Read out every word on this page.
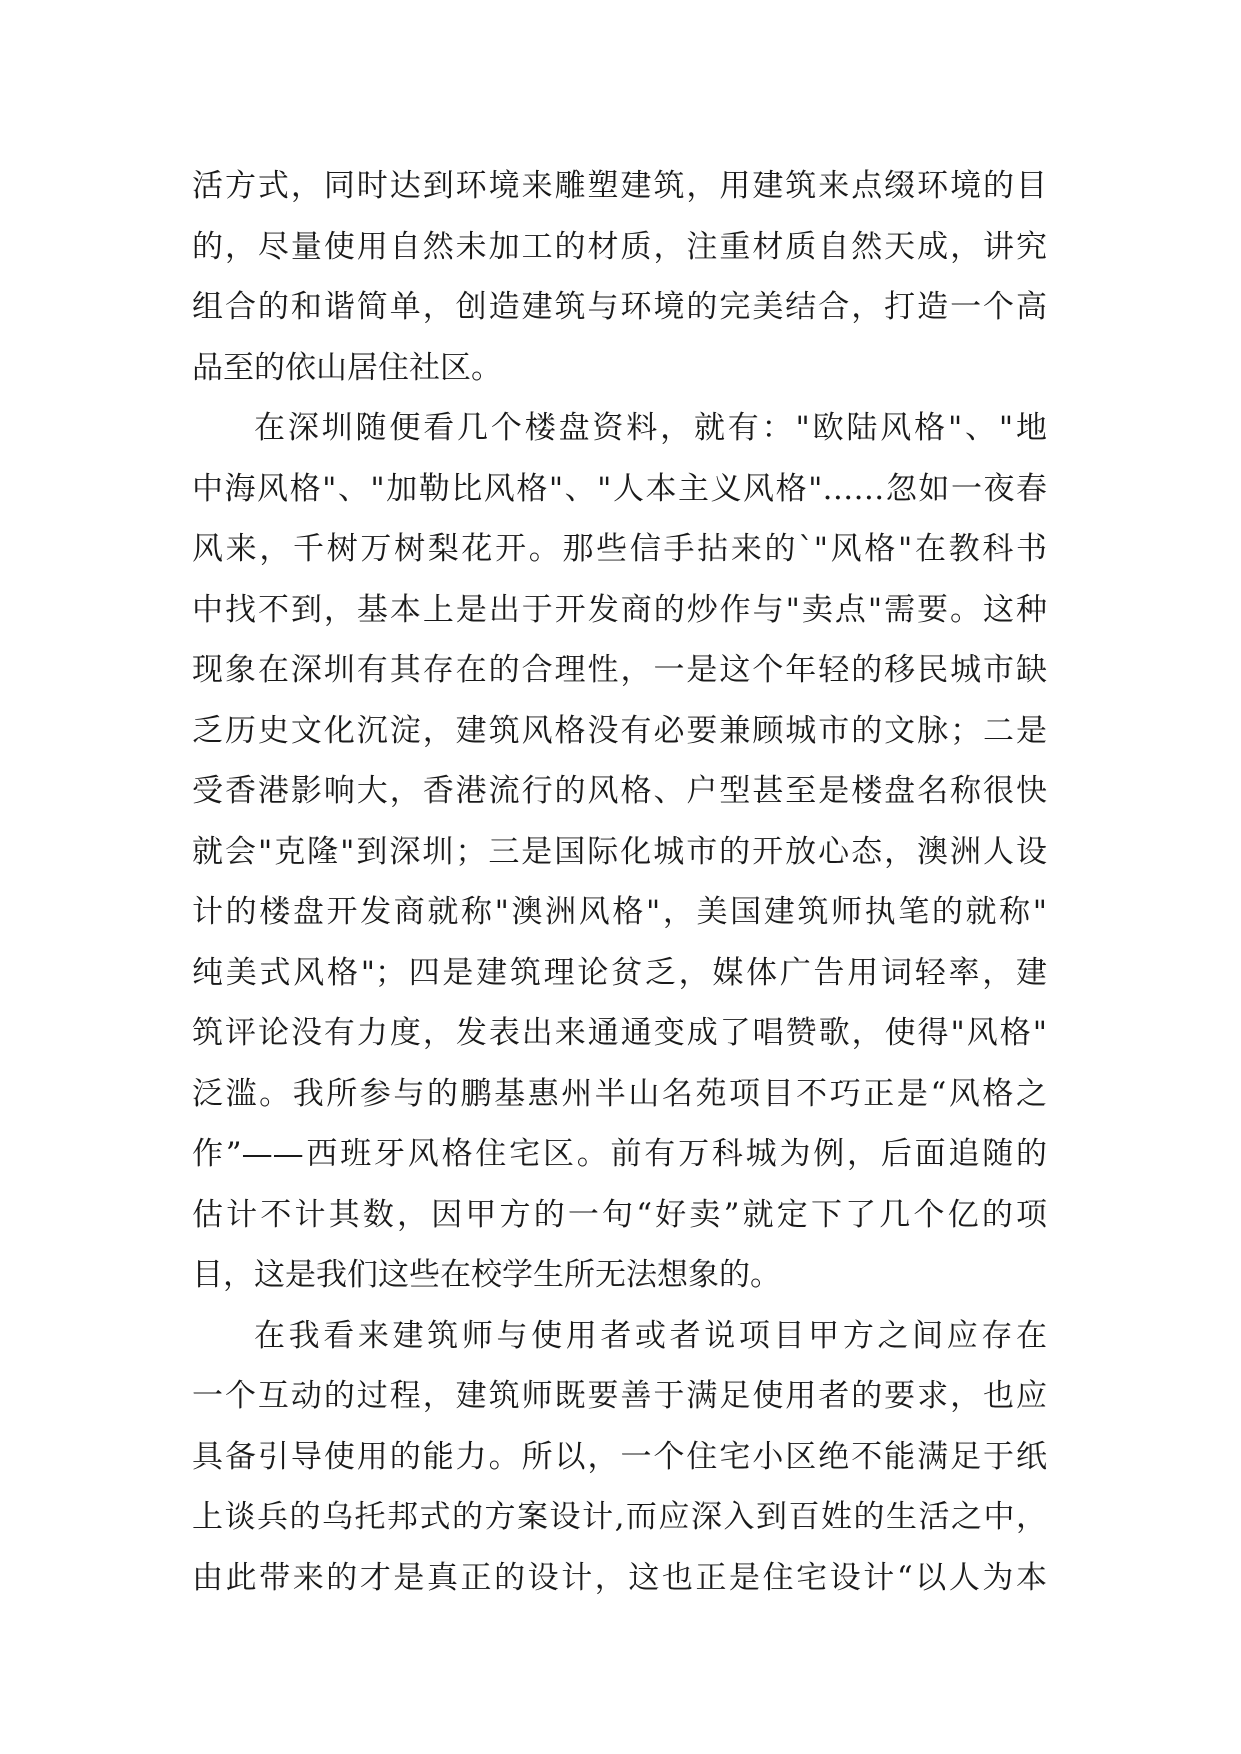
活方式，同时达到环境来雕塑建筑，用建筑来点缀环境的目
的，尽量使用自然未加工的材质，注重材质自然天成，讲究
组合的和谐简单，创造建筑与环境的完美结合，打造一个高
品至的依山居住社区。
在深圳随便看几个楼盘资料，就有："欧陆风格"、"地
中海风格"、"加勒比风格"、"人本主义风格"……忽如一夜春
风来，千树万树梨花开。那些信手拈来的`"风格"在教科书
中找不到，基本上是出于开发商的炒作与"卖点"需要。这种
现象在深圳有其存在的合理性，一是这个年轻的移民城市缺
乏历史文化沉淀，建筑风格没有必要兼顾城市的文脉；二是
受香港影响大，香港流行的风格、户型甚至是楼盘名称很快
就会"克隆"到深圳；三是国际化城市的开放心态，澳洲人设
计的楼盘开发商就称"澳洲风格"，美国建筑师执笔的就称"
纯美式风格"；四是建筑理论贫乏，媒体广告用词轻率，建
筑评论没有力度，发表出来通通变成了唱赞歌，使得"风格"
泛滥。我所参与的鹏基惠州半山名苑项目不巧正是“风格之
作”——西班牙风格住宅区。前有万科城为例，后面追随的
估计不计其数，因甲方的一句“好卖”就定下了几个亿的项
目，这是我们这些在校学生所无法想象的。
在我看来建筑师与使用者或者说项目甲方之间应存在
一个互动的过程，建筑师既要善于满足使用者的要求，也应
具备引导使用的能力。所以，一个住宅小区绝不能满足于纸
上谈兵的乌托邦式的方案设计,而应深入到百姓的生活之中，
由此带来的才是真正的设计，这也正是住宅设计“以人为本
